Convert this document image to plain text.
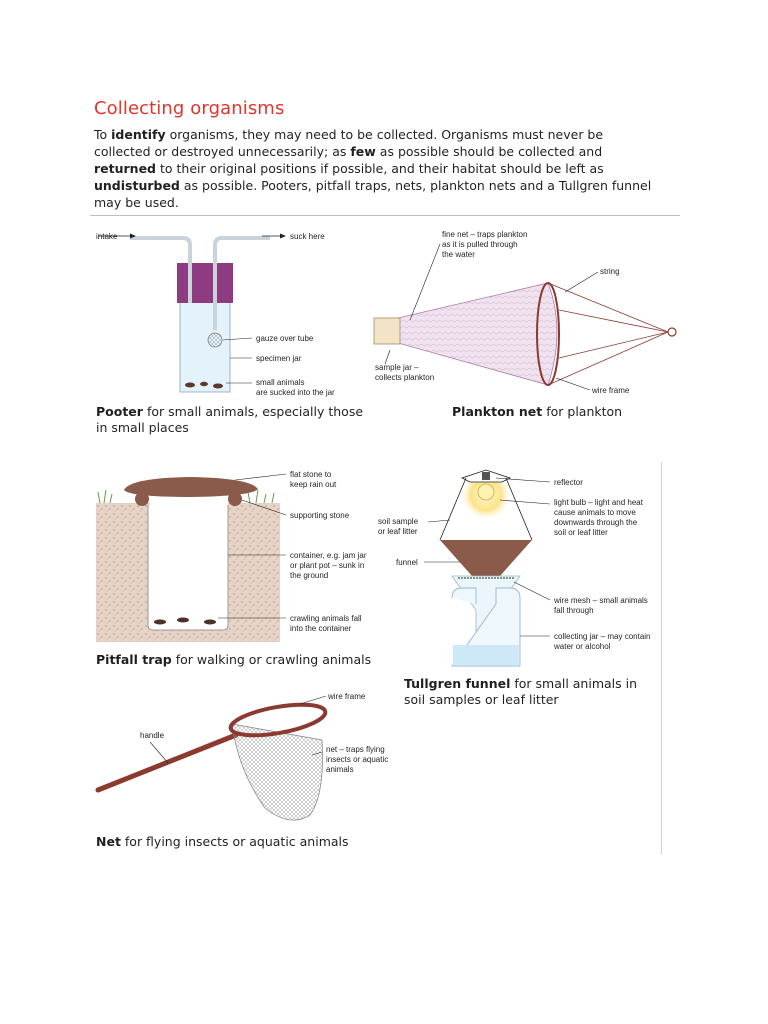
Collecting organisms

To identify organisms, they may need to be collected. Organisms must never be collected or destroyed unnecessarily; as few as possible should be collected and returned to their original positions if possible, and their habitat should be left as undisturbed as possible. Pooters, pitfall traps, nets, plankton nets and a Tullgren funnel may be used.

intake	suck here
gauze over tube
specimen jar
small animals
are sucked into the jar
fine net – traps plankton
as it is pulled through
the water
string
sample jar –
collects plankton
wire frame
flat stone to
keep rain out
supporting stone
container, e.g. jam jar
or plant pot – sunk in
the ground
crawling animals fall
into the container
reflector
light bulb – light and heat
cause animals to move
downwards through the
soil or leaf litter
soil sample
or leaf litter
funnel
wire mesh – small animals
fall through
collecting jar – may contain
water or alcohol
wire frame
handle
net – traps flying
insects or aquatic
animals
Pooter for small animals, especially those in small places
Plankton net for plankton
Pitfall trap for walking or crawling animals
Tullgren funnel for small animals in soil samples or leaf litter
Net for flying insects or aquatic animals
